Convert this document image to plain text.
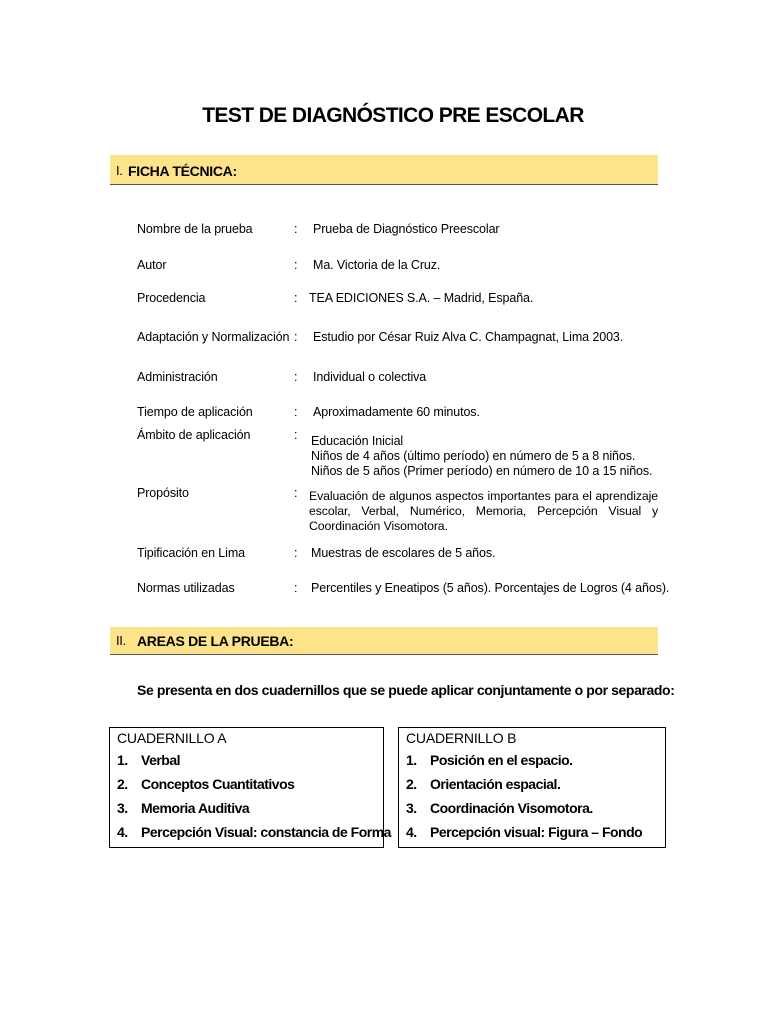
TEST DE DIAGNÓSTICO PRE ESCOLAR
I. FICHA TÉCNICA:
Nombre de la prueba	: Prueba de Diagnóstico Preescolar
Autor	: Ma. Victoria de la Cruz.
Procedencia	: TEA EDICIONES S.A. – Madrid, España.
Adaptación y Normalización : Estudio por César Ruiz Alva C. Champagnat, Lima 2003.
Administración	: Individual o colectiva
Tiempo de aplicación	: Aproximadamente 60 minutos.
Ámbito de aplicación	: Educación Inicial
Niños de 4 años (último período) en número de 5 a 8 niños.
Niños de 5 años (Primer período) en número de 10 a 15 niños.
Propósito	: Evaluación de algunos aspectos importantes para el aprendizaje escolar, Verbal, Numérico, Memoria, Percepción Visual y Coordinación Visomotora.
Tipificación en Lima	: Muestras de escolares de 5 años.
Normas utilizadas	: Percentiles y Eneatipos (5 años). Porcentajes de Logros (4 años).
II. AREAS DE LA PRUEBA:
Se presenta en dos cuadernillos que se puede aplicar conjuntamente o por separado:
CUADERNILLO A
1. Verbal
2. Conceptos Cuantitativos
3. Memoria Auditiva
4. Percepción Visual: constancia de Forma
CUADERNILLO B
1. Posición en el espacio.
2. Orientación espacial.
3. Coordinación Visomotora.
4. Percepción visual: Figura – Fondo
